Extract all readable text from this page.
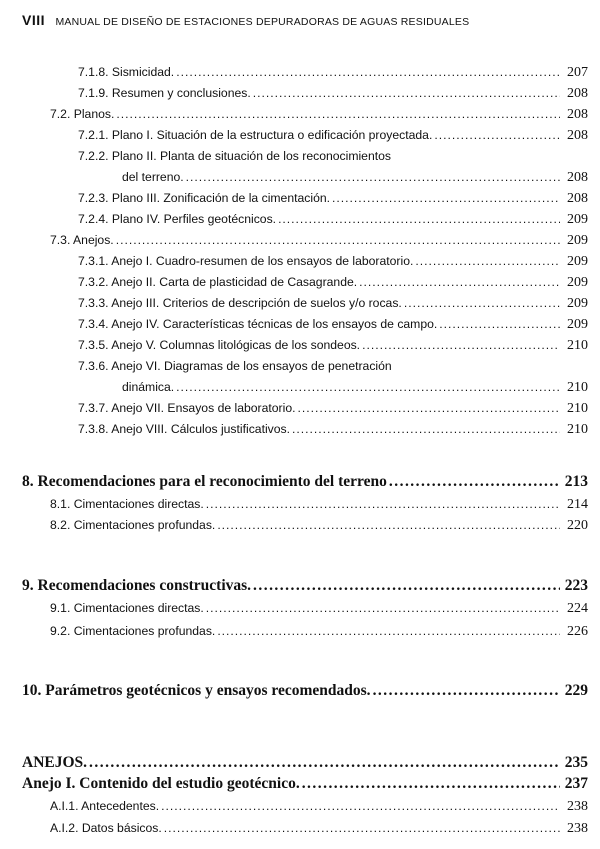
VIII MANUAL DE DISEÑO DE ESTACIONES DEPURADORAS DE AGUAS RESIDUALES
7.1.8. Sismicidad. . . .	207
7.1.9. Resumen y conclusiones. . . .	208
7.2. Planos. . . .	208
7.2.1. Plano I. Situación de la estructura o edificación proyectada. . . .	208
7.2.2. Plano II. Planta de situación de los reconocimientos
del terreno. . . .	208
7.2.3. Plano III. Zonificación de la cimentación. . . .	208
7.2.4. Plano IV. Perfiles geotécnicos. . . .	209
7.3. Anejos. . . .	209
7.3.1. Anejo I. Cuadro-resumen de los ensayos de laboratorio. . . .	209
7.3.2. Anejo II. Carta de plasticidad de Casagrande. . . .	209
7.3.3. Anejo III. Criterios de descripción de suelos y/o rocas. . . .	209
7.3.4. Anejo IV. Características técnicas de los ensayos de campo. . . .	209
7.3.5. Anejo V. Columnas litológicas de los sondeos. . . .	210
7.3.6. Anejo VI. Diagramas de los ensayos de penetración
dinámica. . . .	210
7.3.7. Anejo VII. Ensayos de laboratorio. . . .	210
7.3.8. Anejo VIII. Cálculos justificativos. . . .	210
8. Recomendaciones para el reconocimiento del terreno . . .	213
8.1. Cimentaciones directas. . . .	214
8.2. Cimentaciones profundas. . . .	220
9. Recomendaciones constructivas. . . .	223
9.1. Cimentaciones directas. . . .	224
9.2. Cimentaciones profundas. . . .	226
10. Parámetros geotécnicos y ensayos recomendados. . . .	229
ANEJOS. . . .	235
Anejo I. Contenido del estudio geotécnico. . . .	237
A.I.1. Antecedentes. . . .	238
A.I.2. Datos básicos. . . .	238
